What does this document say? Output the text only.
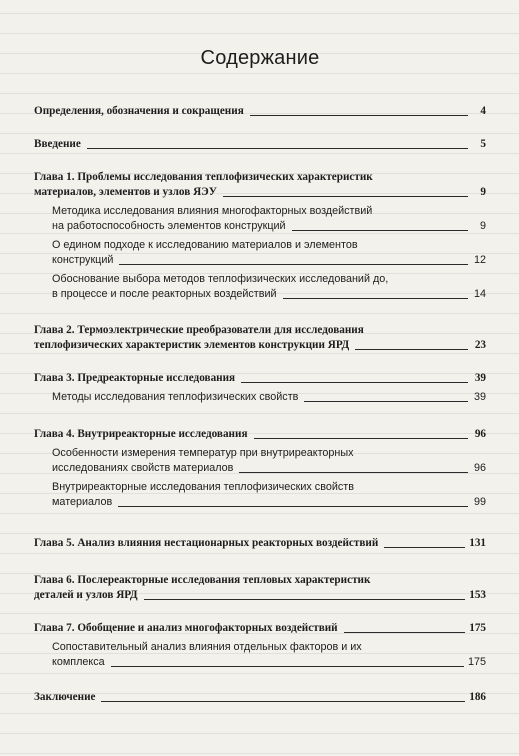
Содержание
Определения, обозначения и сокращения	4
Введение	5
Глава 1. Проблемы исследования теплофизических характеристик
материалов, элементов и узлов ЯЭУ	9
Методика исследования влияния многофакторных воздействий
на работоспособность элементов конструкций	9
О едином подходе к исследованию материалов и элементов
конструкций	12
Обоснование выбора методов теплофизических исследований до,
в процессе и после реакторных воздействий	14
Глава 2. Термоэлектрические преобразователи для исследования
теплофизических характеристик элементов конструкции ЯРД	23
Глава 3. Предреакторные исследования	39
Методы исследования теплофизических свойств	39
Глава 4. Внутриреакторные исследования	96
Особенности измерения температур при внутриреакторных
исследованиях свойств материалов	96
Внутриреакторные исследования теплофизических свойств
материалов	99
Глава 5. Анализ влияния нестационарных реакторных воздействий	131
Глава 6. Послереакторные исследования тепловых характеристик
деталей и узлов ЯРД	153
Глава 7. Обобщение и анализ многофакторных воздействий	175
Сопоставительный анализ влияния отдельных факторов и их
комплекса	175
Заключение	186
